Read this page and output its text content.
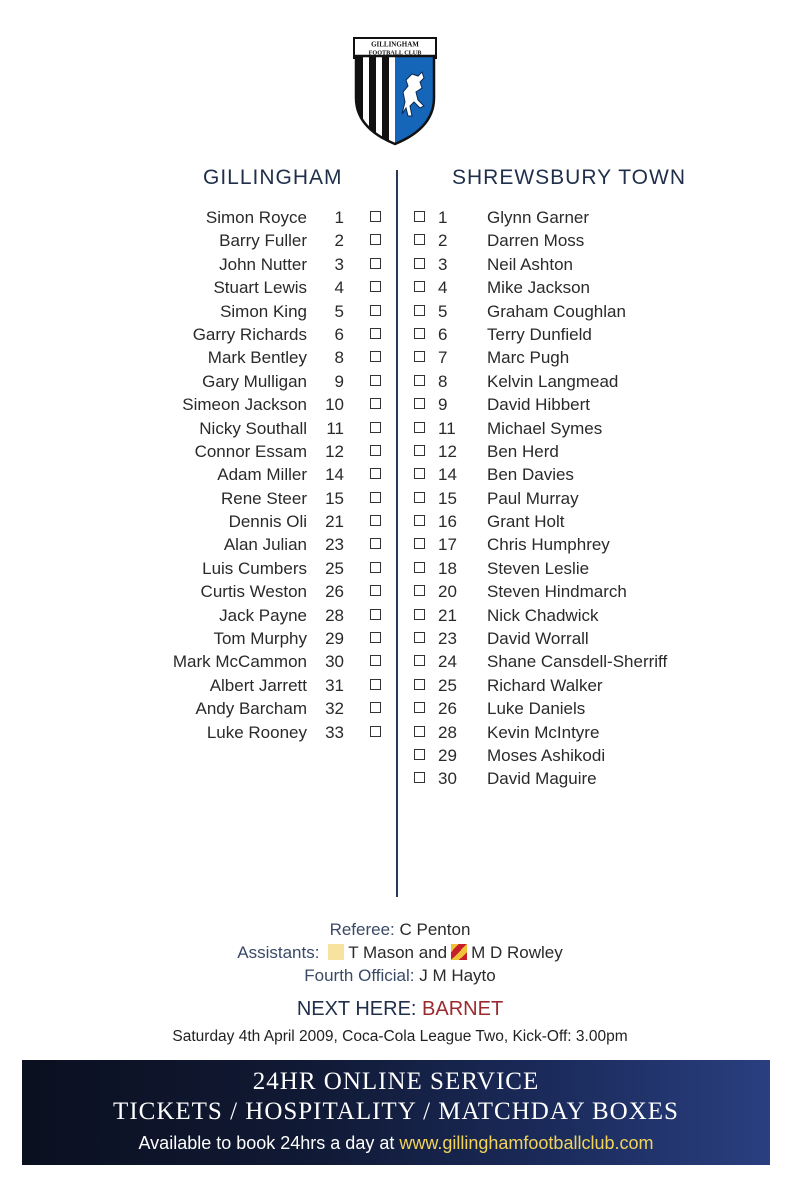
GILLINGHAM
FOOTBALL CLUB
GILLINGHAM	SHREWSBURY TOWN
Simon Royce	1
Barry Fuller	2
John Nutter	3
Stuart Lewis	4
Simon King	5
Garry Richards	6
Mark Bentley	8
Gary Mulligan	9
Simeon Jackson	10
Nicky Southall	11
Connor Essam	12
Adam Miller	14
Rene Steer	15
Dennis Oli	21
Alan Julian	23
Luis Cumbers	25
Curtis Weston	26
Jack Payne	28
Tom Murphy	29
Mark McCammon	30
Albert Jarrett	31
Andy Barcham	32
Luke Rooney	33
1	Glynn Garner
2	Darren Moss
3	Neil Ashton
4	Mike Jackson
5	Graham Coughlan
6	Terry Dunfield
7	Marc Pugh
8	Kelvin Langmead
9	David Hibbert
11	Michael Symes
12	Ben Herd
14	Ben Davies
15	Paul Murray
16	Grant Holt
17	Chris Humphrey
18	Steven Leslie
20	Steven Hindmarch
21	Nick Chadwick
23	David Worrall
24	Shane Cansdell-Sherriff
25	Richard Walker
26	Luke Daniels
28	Kevin McIntyre
29	Moses Ashikodi
30	David Maguire
Referee: C Penton
Assistants: T Mason and M D Rowley
Fourth Official: J M Hayto
NEXT HERE: BARNET
Saturday 4th April 2009, Coca-Cola League Two, Kick-Off: 3.00pm
24HR ONLINE SERVICE
TICKETS / HOSPITALITY / MATCHDAY BOXES
Available to book 24hrs a day at www.gillinghamfootballclub.com
